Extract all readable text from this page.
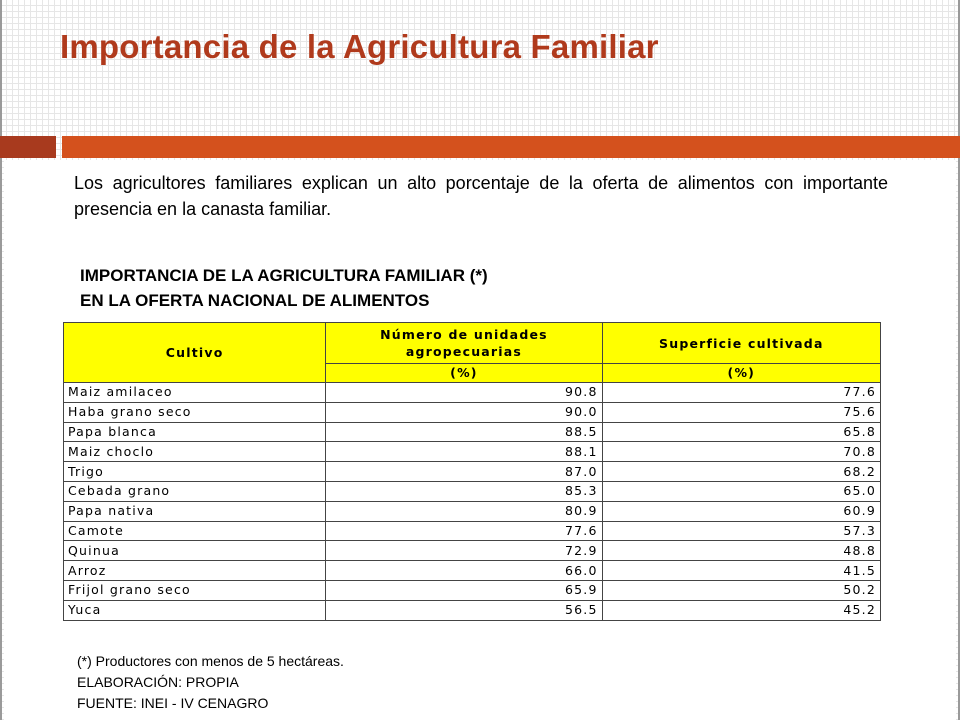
Importancia de la Agricultura Familiar
Los agricultores familiares explican un alto porcentaje de la oferta de alimentos con importante presencia en la canasta familiar.
IMPORTANCIA DE LA AGRICULTURA FAMILIAR (*)
EN LA OFERTA NACIONAL DE ALIMENTOS
Cultivo	Número de unidades agropecuarias	Superficie cultivada
	(%)	(%)
Maiz amilaceo	90.8	77.6
Haba grano seco	90.0	75.6
Papa blanca	88.5	65.8
Maiz choclo	88.1	70.8
Trigo	87.0	68.2
Cebada grano	85.3	65.0
Papa nativa	80.9	60.9
Camote	77.6	57.3
Quinua	72.9	48.8
Arroz	66.0	41.5
Frijol grano seco	65.9	50.2
Yuca	56.5	45.2
(*) Productores con menos de 5 hectáreas.
ELABORACIÓN: PROPIA
FUENTE: INEI - IV CENAGRO
